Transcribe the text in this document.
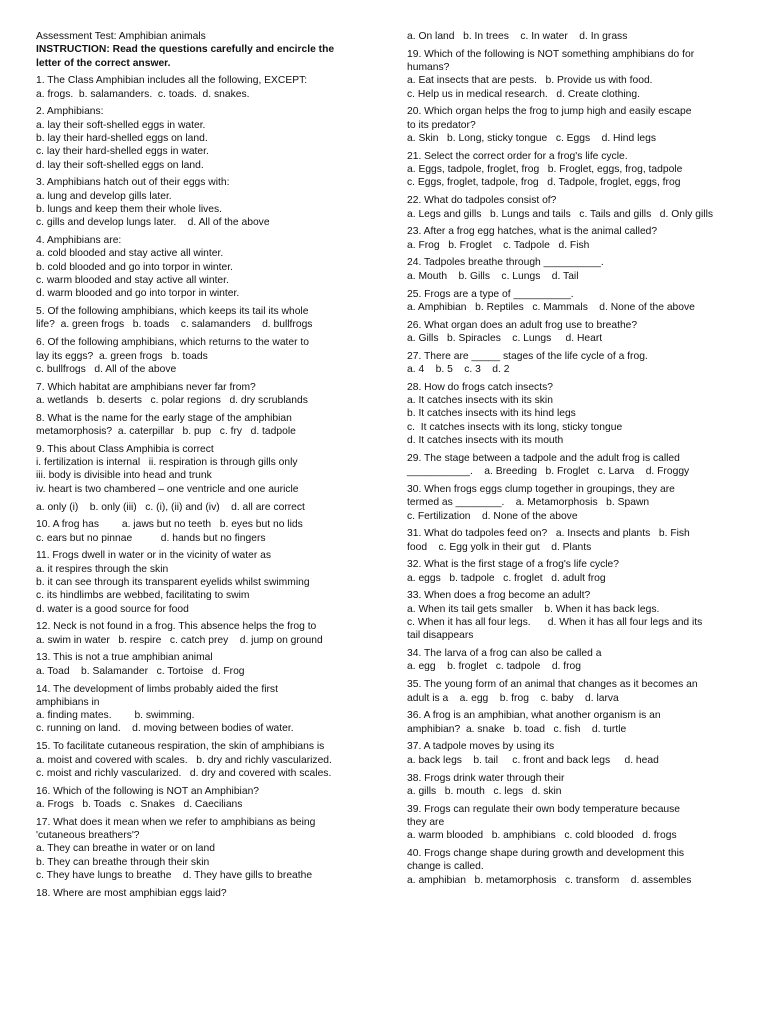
Assessment Test: Amphibian animals
INSTRUCTION: Read the questions carefully and encircle the letter of the correct answer.
1. The Class Amphibian includes all the following, EXCEPT:
a. frogs.  b. salamanders.  c. toads.  d. snakes.
2. Amphibians:
a. lay their soft-shelled eggs in water.
b. lay their hard-shelled eggs on land.
c. lay their hard-shelled eggs in water.
d. lay their soft-shelled eggs on land.
3. Amphibians hatch out of their eggs with:
a. lung and develop gills later.
b. lungs and keep them their whole lives.
c. gills and develop lungs later.    d. All of the above
4. Amphibians are:
a. cold blooded and stay active all winter.
b. cold blooded and go into torpor in winter.
c. warm blooded and stay active all winter.
d. warm blooded and go into torpor in winter.
5. Of the following amphibians, which keeps its tail its whole
life?  a. green frogs   b. toads    c. salamanders    d. bullfrogs
6. Of the following amphibians, which returns to the water to
lay its eggs?  a. green frogs   b. toads
c. bullfrogs   d. All of the above
7. Which habitat are amphibians never far from?
a. wetlands   b. deserts   c. polar regions   d. dry scrublands
8. What is the name for the early stage of the amphibian
metamorphosis?  a. caterpillar   b. pup   c. fry   d. tadpole
9. This about Class Amphibia is correct
i. fertilization is internal   ii. respiration is through gills only
iii. body is divisible into head and trunk
iv. heart is two chambered – one ventricle and one auricle
a. only (i)    b. only (iii)   c. (i), (ii) and (iv)    d. all are correct
10. A frog has        a. jaws but no teeth   b. eyes but no lids
c. ears but no pinnae          d. hands but no fingers
11. Frogs dwell in water or in the vicinity of water as
a. it respires through the skin
b. it can see through its transparent eyelids whilst swimming
c. its hindlimbs are webbed, facilitating to swim
d. water is a good source for food
12. Neck is not found in a frog. This absence helps the frog to
a. swim in water   b. respire   c. catch prey    d. jump on ground
13. This is not a true amphibian animal
a. Toad    b. Salamander   c. Tortoise   d. Frog
14. The development of limbs probably aided the first
amphibians in
a. finding mates.        b. swimming.
c. running on land.    d. moving between bodies of water.
15. To facilitate cutaneous respiration, the skin of amphibians is
a. moist and covered with scales.   b. dry and richly vascularized.
c. moist and richly vascularized.   d. dry and covered with scales.
16. Which of the following is NOT an Amphibian?
a. Frogs   b. Toads   c. Snakes   d. Caecilians
17. What does it mean when we refer to amphibians as being
'cutaneous breathers'?
a. They can breathe in water or on land
b. They can breathe through their skin
c. They have lungs to breathe    d. They have gills to breathe
18. Where are most amphibian eggs laid?
a. On land   b. In trees    c. In water    d. In grass
19. Which of the following is NOT something amphibians do for
humans?
a. Eat insects that are pests.   b. Provide us with food.
c. Help us in medical research.   d. Create clothing.
20. Which organ helps the frog to jump high and easily escape
to its predator?
a. Skin   b. Long, sticky tongue   c. Eggs    d. Hind legs
21. Select the correct order for a frog's life cycle.
a. Eggs, tadpole, froglet, frog   b. Froglet, eggs, frog, tadpole
c. Eggs, froglet, tadpole, frog   d. Tadpole, froglet, eggs, frog
22. What do tadpoles consist of?
a. Legs and gills   b. Lungs and tails   c. Tails and gills   d. Only gills
23. After a frog egg hatches, what is the animal called?
a. Frog   b. Froglet    c. Tadpole   d. Fish
24. Tadpoles breathe through __________.
a. Mouth    b. Gills    c. Lungs    d. Tail
25. Frogs are a type of __________.
a. Amphibian   b. Reptiles   c. Mammals    d. None of the above
26. What organ does an adult frog use to breathe?
a. Gills   b. Spiracles    c. Lungs     d. Heart
27. There are _____ stages of the life cycle of a frog.
a. 4    b. 5    c. 3    d. 2
28. How do frogs catch insects?
a. It catches insects with its skin
b. It catches insects with its hind legs
c.  It catches insects with its long, sticky tongue
d. It catches insects with its mouth
29. The stage between a tadpole and the adult frog is called
___________.    a. Breeding   b. Froglet   c. Larva    d. Froggy
30. When frogs eggs clump together in groupings, they are
termed as ________.    a. Metamorphosis   b. Spawn
c. Fertilization    d. None of the above
31. What do tadpoles feed on?   a. Insects and plants   b. Fish
food    c. Egg yolk in their gut    d. Plants
32. What is the first stage of a frog's life cycle?
a. eggs   b. tadpole   c. froglet   d. adult frog
33. When does a frog become an adult?
a. When its tail gets smaller    b. When it has back legs.
c. When it has all four legs.      d. When it has all four legs and its
tail disappears
34. The larva of a frog can also be called a
a. egg    b. froglet   c. tadpole    d. frog
35. The young form of an animal that changes as it becomes an
adult is a    a. egg    b. frog    c. baby    d. larva
36. A frog is an amphibian, what another organism is an
amphibian?  a. snake   b. toad   c. fish    d. turtle
37. A tadpole moves by using its
a. back legs    b. tail     c. front and back legs     d. head
38. Frogs drink water through their
a. gills   b. mouth   c. legs   d. skin
39. Frogs can regulate their own body temperature because
they are
a. warm blooded   b. amphibians   c. cold blooded   d. frogs
40. Frogs change shape during growth and development this
change is called.
a. amphibian   b. metamorphosis   c. transform    d. assembles
